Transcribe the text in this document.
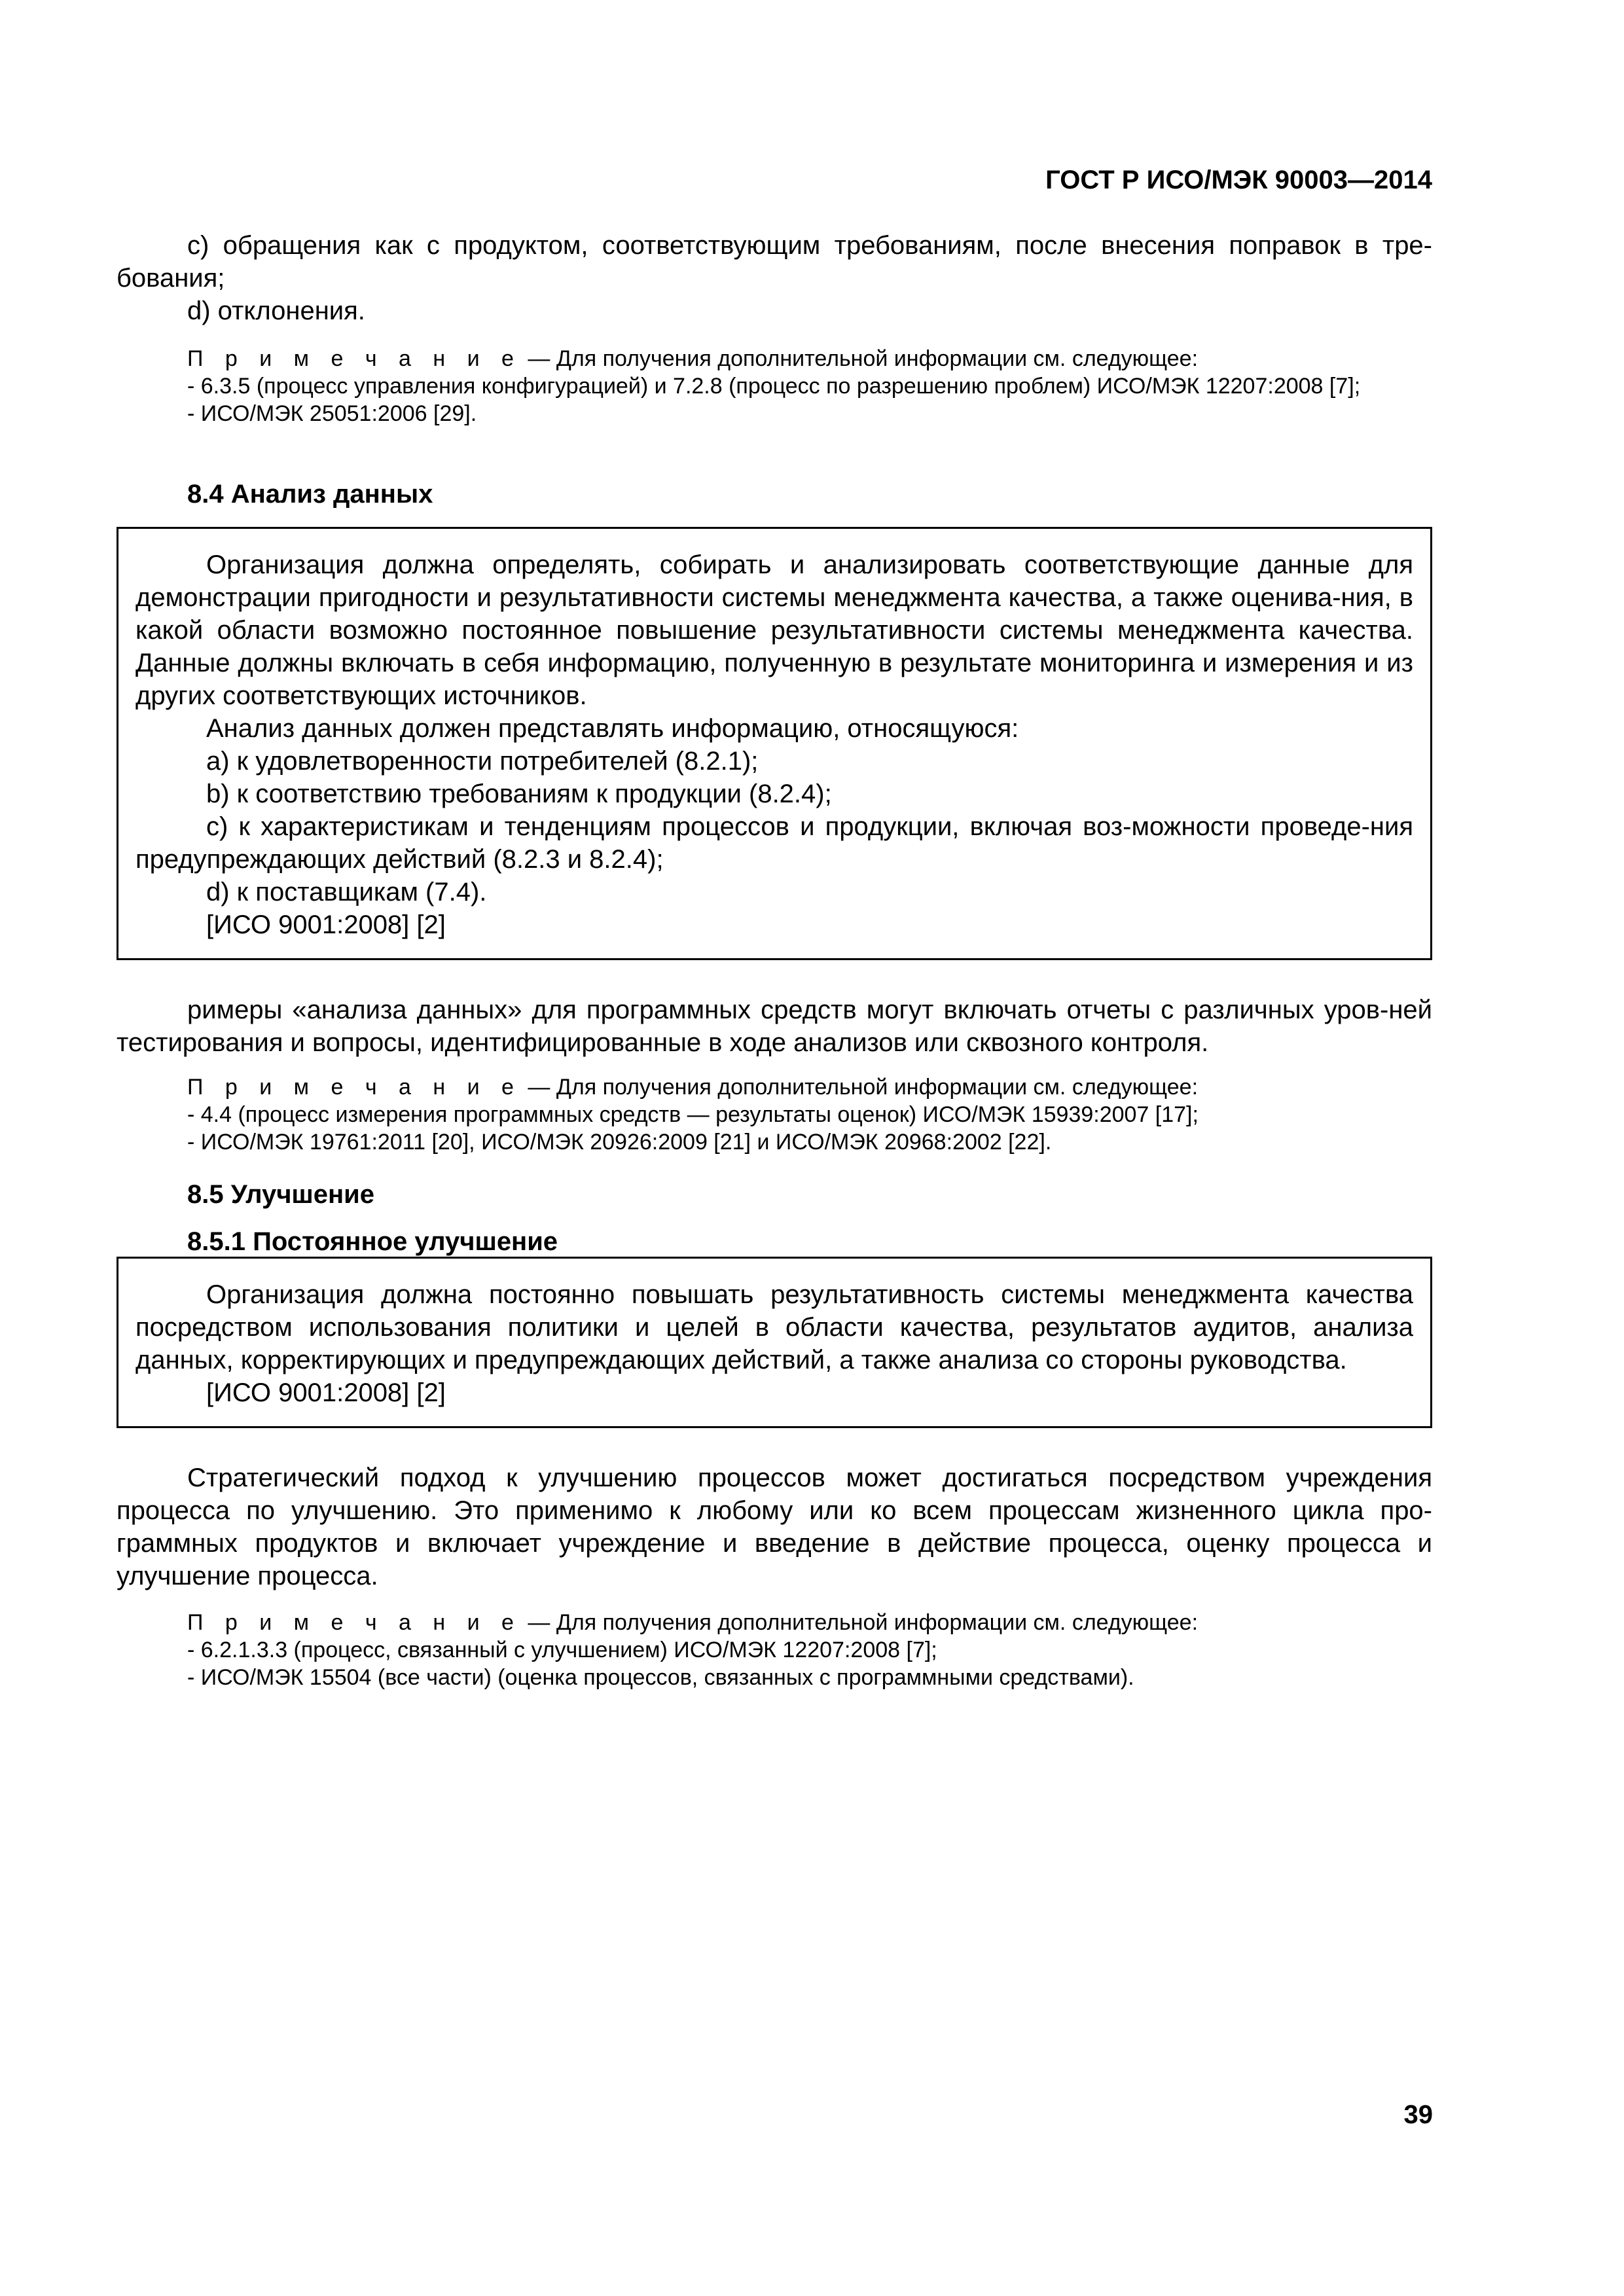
ГОСТ Р ИСО/МЭК 90003—2014

c) обращения как с продуктом, соответствующим требованиям, после внесения поправок в тре-бования;

d) отклонения.

П р и м е ч а н и е — Для получения дополнительной информации см. следующее:

- 6.3.5 (процесс управления конфигурацией) и 7.2.8 (процесс по разрешению проблем) ИСО/МЭК 12207:2008 [7];

- ИСО/МЭК 25051:2006 [29].

8.4 Анализ данных

Организация должна определять, собирать и анализировать соответствующие данные для демонстрации пригодности и результативности системы менеджмента качества, а также оценива-ния, в какой области возможно постоянное повышение результативности системы менеджмента качества. Данные должны включать в себя информацию, полученную в результате мониторинга и измерения и из других соответствующих источников.

Анализ данных должен представлять информацию, относящуюся:

a) к удовлетворенности потребителей (8.2.1);

b) к соответствию требованиям к продукции (8.2.4);

c) к характеристикам и тенденциям процессов и продукции, включая воз-можности проведе-ния предупреждающих действий (8.2.3 и 8.2.4);

d) к поставщикам (7.4).

[ИСО 9001:2008] [2]

римеры «анализа данных» для программных средств могут включать отчеты с различных уров-ней тестирования и вопросы, идентифицированные в ходе анализов или сквозного контроля.

П р и м е ч а н и е — Для получения дополнительной информации см. следующее:

- 4.4 (процесс измерения программных средств — результаты оценок) ИСО/МЭК 15939:2007 [17];

- ИСО/МЭК 19761:2011 [20], ИСО/МЭК 20926:2009 [21] и ИСО/МЭК 20968:2002 [22].

8.5 Улучшение
8.5.1 Постоянное улучшение

Организация должна постоянно повышать результативность системы менеджмента качества посредством использования политики и целей в области качества, результатов аудитов, анализа данных, корректирующих и предупреждающих действий, а также анализа со стороны руководства.

[ИСО 9001:2008] [2]

Стратегический подход к улучшению процессов может достигаться посредством учреждения процесса по улучшению. Это применимо к любому или ко всем процессам жизненного цикла про-граммных продуктов и включает учреждение и введение в действие процесса, оценку процесса и улучшение процесса.

П р и м е ч а н и е — Для получения дополнительной информации см. следующее:

- 6.2.1.3.3 (процесс, связанный с улучшением) ИСО/МЭК 12207:2008 [7];

- ИСО/МЭК 15504 (все части) (оценка процессов, связанных с программными средствами).

39
